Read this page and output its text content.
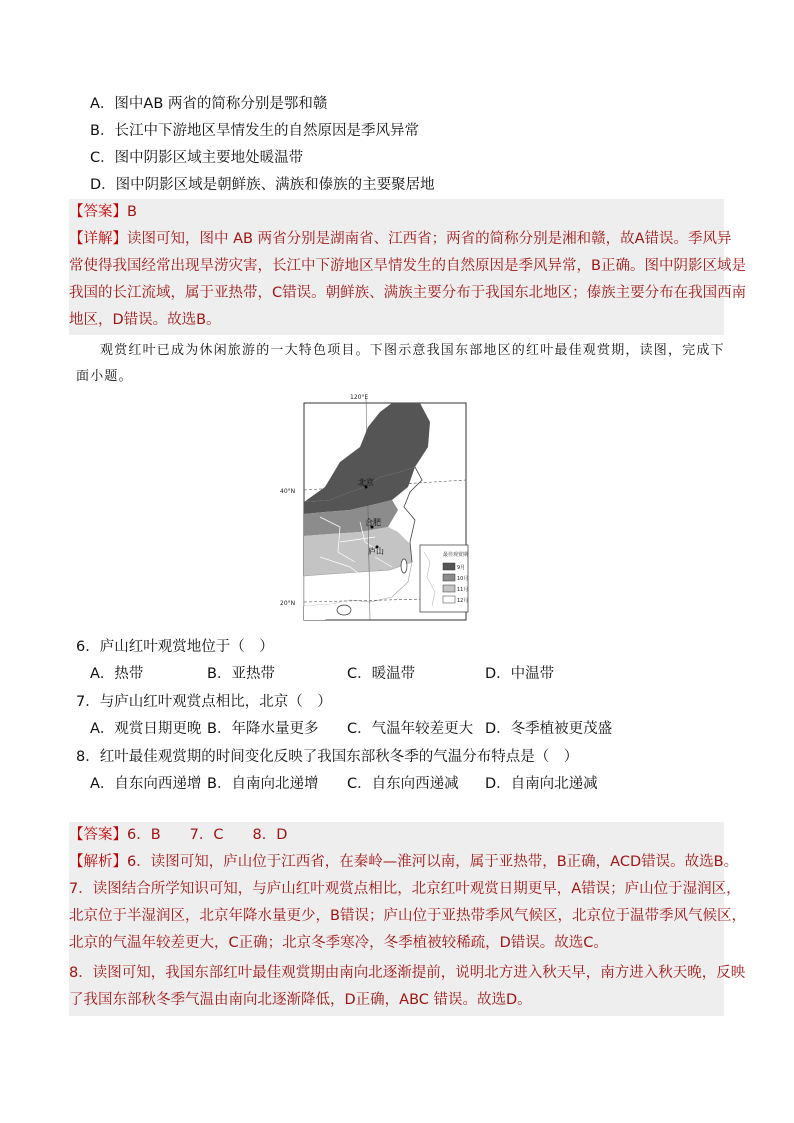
A．图中AB 两省的简称分别是鄂和赣
B．长江中下游地区旱情发生的自然原因是季风异常
C．图中阴影区域主要地处暖温带
D．图中阴影区域是朝鲜族、满族和傣族的主要聚居地
【答案】B
【详解】读图可知，图中 AB 两省分别是湖南省、江西省；两省的简称分别是湘和赣，故A错误。季风异
常使得我国经常出现旱涝灾害，长江中下游地区旱情发生的自然原因是季风异常，B正确。图中阴影区域是
我国的长江流域，属于亚热带，C错误。朝鲜族、满族主要分布于我国东北地区；傣族主要分布在我国西南
地区，D错误。故选B。
观赏红叶已成为休闲旅游的一大特色项目。下图示意我国东部地区的红叶最佳观赏期，读图，完成下
面小题。
120°E
40°N
20°N
北京
合肥
庐山	最佳观赏期
9月
10月
11月
12月
6．庐山红叶观赏地位于（　）
A．热带	B．亚热带	C．暖温带	D．中温带
7．与庐山红叶观赏点相比，北京（　）
A．观赏日期更晚 B．年降水量更多 C．气温年较差更大 D．冬季植被更茂盛
8．红叶最佳观赏期的时间变化反映了我国东部秋冬季的气温分布特点是（　）
A．自东向西递增 B．自南向北递增 C．自东向西递减 D．自南向北递减
【答案】6．B　　7．C　　8．D
【解析】6．读图可知，庐山位于江西省，在秦岭—淮河以南，属于亚热带，B正确，ACD错误。故选B。
7．读图结合所学知识可知，与庐山红叶观赏点相比，北京红叶观赏日期更早，A错误；庐山位于湿润区，
北京位于半湿润区，北京年降水量更少，B错误；庐山位于亚热带季风气候区，北京位于温带季风气候区，
北京的气温年较差更大，C正确；北京冬季寒冷，冬季植被较稀疏，D错误。故选C。
8．读图可知，我国东部红叶最佳观赏期由南向北逐渐提前，说明北方进入秋天早，南方进入秋天晚，反映
了我国东部秋冬季气温由南向北逐渐降低，D正确，ABC 错误。故选D。
